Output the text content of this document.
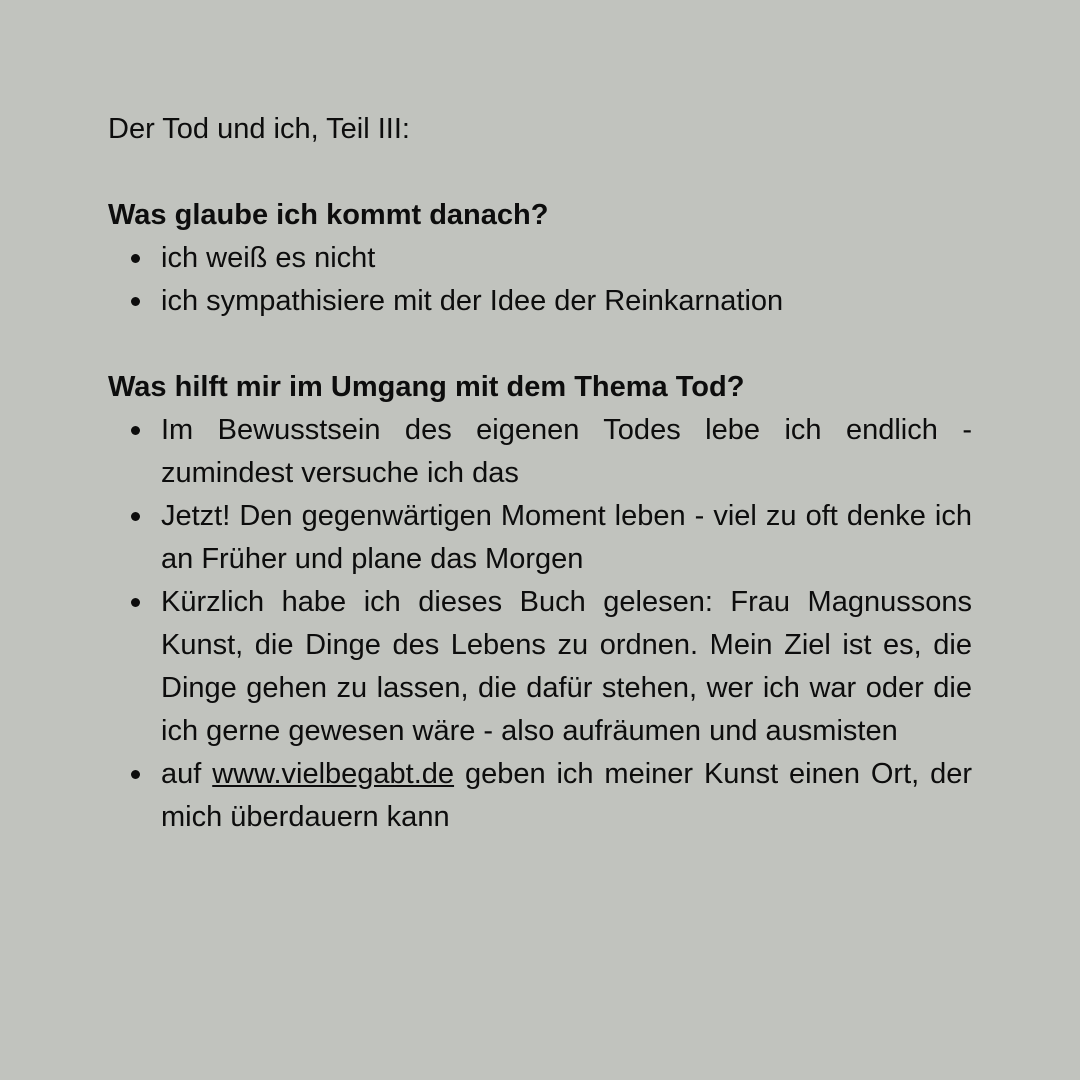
Der Tod und ich, Teil III:

Was glaube ich kommt danach?

ich weiß es nicht
ich sympathisiere mit der Idee der Reinkarnation

Was hilft mir im Umgang mit dem Thema Tod?

Im Bewusstsein des eigenen Todes lebe ich endlich - zumindest versuche ich das
Jetzt! Den gegenwärtigen Moment leben - viel zu oft denke ich an Früher und plane das Morgen
Kürzlich habe ich dieses Buch gelesen: Frau Magnussons Kunst, die Dinge des Lebens zu ordnen. Mein Ziel ist es, die Dinge gehen zu lassen, die dafür stehen, wer ich war oder die ich gerne gewesen wäre - also aufräumen und ausmisten
auf www.vielbegabt.de geben ich meiner Kunst einen Ort, der mich überdauern kann
